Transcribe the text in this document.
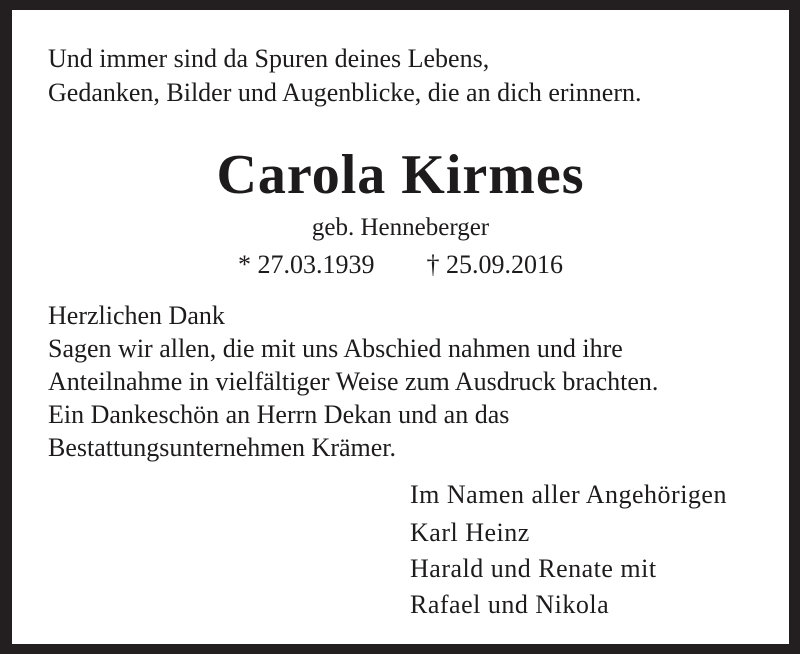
Und immer sind da Spuren deines Lebens,
Gedanken, Bilder und Augenblicke, die an dich erinnern.
Carola Kirmes
geb. Henneberger
* 27.03.1939 † 25.09.2016
Herzlichen Dank
Sagen wir allen, die mit uns Abschied nahmen und ihre
Anteilnahme in vielfältiger Weise zum Ausdruck brachten.
Ein Dankeschön an Herrn Dekan und an das
Bestattungsunternehmen Krämer.
Im Namen aller Angehörigen
Karl Heinz
Harald und Renate mit
Rafael und Nikola
